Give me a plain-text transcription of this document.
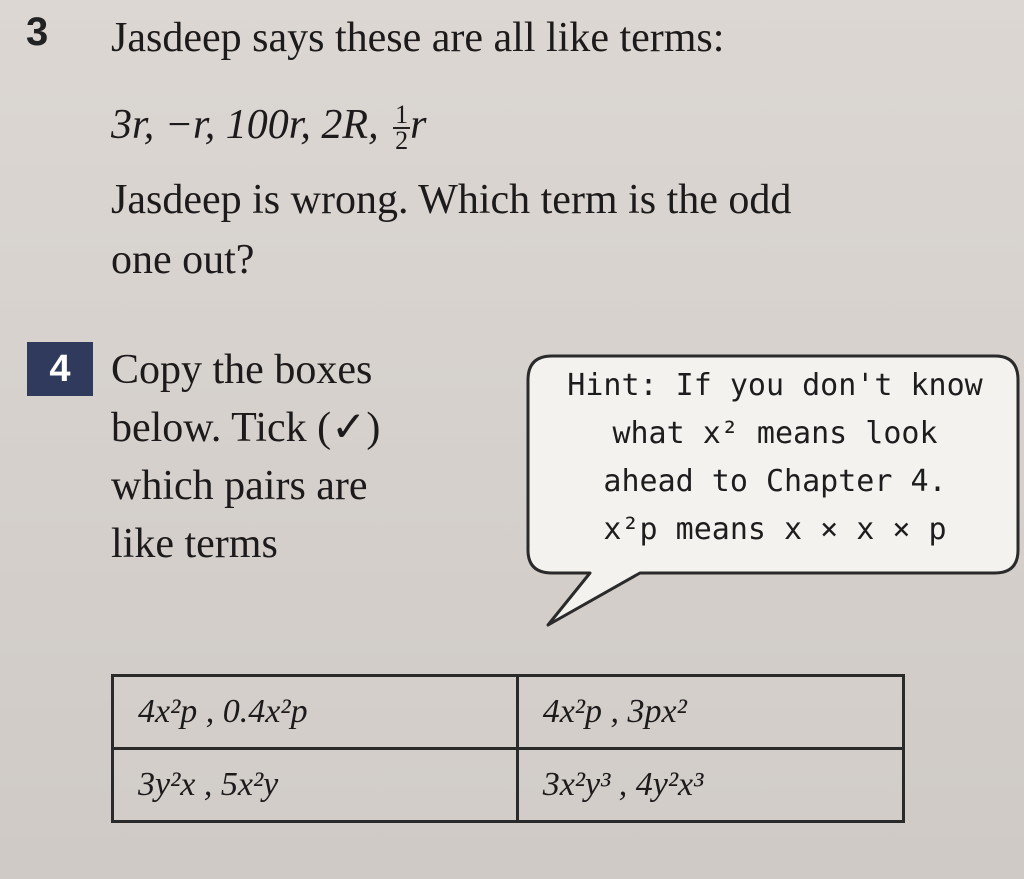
3 Jasdeep says these are all like terms:
3r, −r, 100r, 2R, $\frac{1}{2}$ r
Jasdeep is wrong. Which term is the odd
one out?
4 Copy the boxes
below. Tick (✓)
which pairs are
like terms
Hint: If you don't know
what x² means look
ahead to Chapter 4.
x²p means x × x × p
4x²p , 0.4x²p	4x²p , 3px²
3y²x , 5x²y	3x²y³ , 4y²x³
